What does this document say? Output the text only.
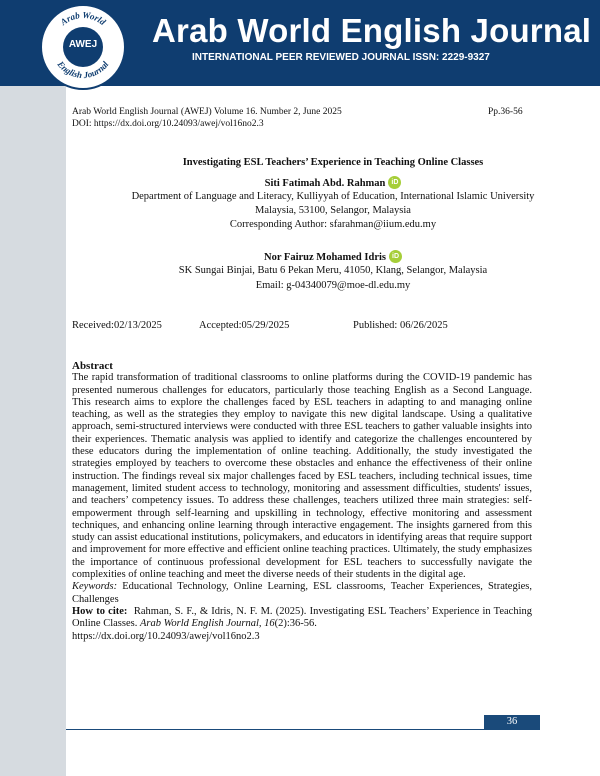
Arab World
English Journal
AWEJ Arab World English Journal
INTERNATIONAL PEER REVIEWED JOURNAL ISSN: 2229-9327
Arab World English Journal (AWEJ) Volume 16. Number 2, June 2025	Pp.36-56
DOI: https://dx.doi.org/10.24093/awej/vol16no2.3
Investigating ESL Teachers’ Experience in Teaching Online Classes
Siti Fatimah Abd. Rahman iD
Department of Language and Literacy, Kulliyyah of Education, International Islamic University
Malaysia, 53100, Selangor, Malaysia
Corresponding Author: sfarahman@iium.edu.my
Nor Fairuz Mohamed Idris iD
SK Sungai Binjai, Batu 6 Pekan Meru, 41050, Klang, Selangor, Malaysia
Email: g-04340079@moe-dl.edu.my
Received:02/13/2025	Accepted:05/29/2025	Published: 06/26/2025

Abstract

The rapid transformation of traditional classrooms to online platforms during the COVID-19 pandemic has presented numerous challenges for educators, particularly those teaching English as a Second Language. This research aims to explore the challenges faced by ESL teachers in adapting to and managing online teaching, as well as the strategies they employ to navigate this new digital landscape. Using a qualitative approach, semi-structured interviews were conducted with three ESL teachers to gather valuable insights into their experiences. Thematic analysis was applied to identify and categorize the challenges encountered by these educators during the implementation of online teaching. Additionally, the study investigated the strategies employed by teachers to overcome these obstacles and enhance the effectiveness of their online instruction. The findings reveal six major challenges faced by ESL teachers, including technical issues, time management, limited student access to technology, monitoring and assessment difficulties, students' issues, and teachers’ competency issues. To address these challenges, teachers utilized three main strategies: self-empowerment through self-learning and upskilling in technology, effective monitoring and assessment techniques, and enhancing online learning through interactive engagement. The insights garnered from this study can assist educational institutions, policymakers, and educators in identifying areas that require support and improvement for more effective and efficient online teaching practices. Ultimately, the study emphasizes the importance of continuous professional development for ESL teachers to successfully navigate the complexities of online teaching and meet the diverse needs of their students in the digital age.

Keywords: Educational Technology, Online Learning, ESL classrooms, Teacher Experiences, Strategies, Challenges

How to cite: Rahman, S. F., & Idris, N. F. M. (2025). Investigating ESL Teachers’ Experience in Teaching Online Classes. Arab World English Journal, 16(2):36-56.
https://dx.doi.org/10.24093/awej/vol16no2.3

36
